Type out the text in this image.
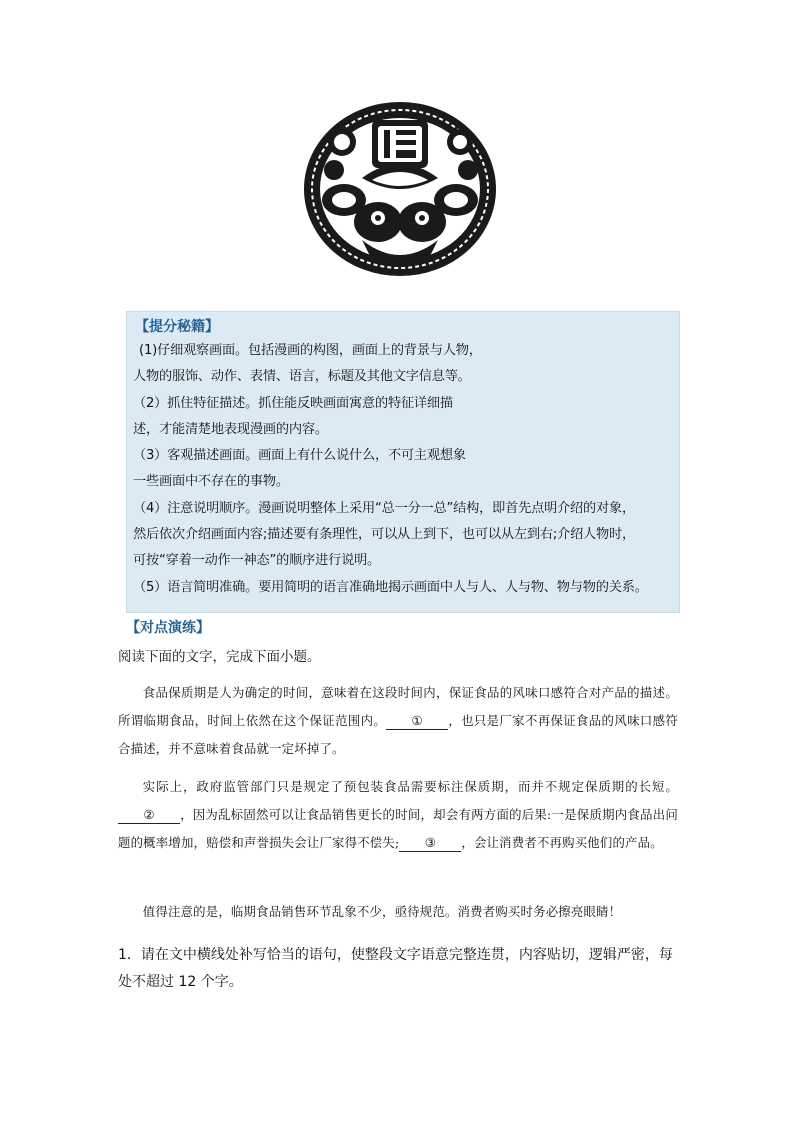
【提分秘籍】
(1)仔细观察画面。包括漫画的构图，画面上的背景与人物，
人物的服饰、动作、表情、语言，标题及其他文字信息等。
（2）抓住特征描述。抓住能反映画面寓意的特征详细描
述，才能清楚地表现漫画的内容。
（3）客观描述画面。画面上有什么说什么，不可主观想象
一些画面中不存在的事物。
（4）注意说明顺序。漫画说明整体上采用“总一分一总”结构，即首先点明介绍的对象，
然后依次介绍画面内容;描述要有条理性，可以从上到下，也可以从左到右;介绍人物时，
可按“穿着一动作一神态”的顺序进行说明。
（5）语言简明准确。要用简明的语言准确地揭示画面中人与人、人与物、物与物的关系。
【对点演练】
阅读下面的文字，完成下面小题。

食品保质期是人为确定的时间，意味着在这段时间内，保证食品的风味口感符合对产品的描述。所谓临期食品，时间上依然在这个保证范围内。 ① ，也只是厂家不再保证食品的风味口感符合描述，并不意味着食品就一定坏掉了。

实际上，政府监管部门只是规定了预包装食品需要标注保质期，而并不规定保质期的长短。② ，因为乱标固然可以让食品销售更长的时间，却会有两方面的后果:一是保质期内食品出问题的概率增加，赔偿和声誉损失会让厂家得不偿失; ③ ，会让消费者不再购买他们的产品。

值得注意的是，临期食品销售环节乱象不少，亟待规范。消费者购买时务必擦亮眼睛！

1．请在文中横线处补写恰当的语句，使整段文字语意完整连贯，内容贴切，逻辑严密，每处不超过 12 个字。
